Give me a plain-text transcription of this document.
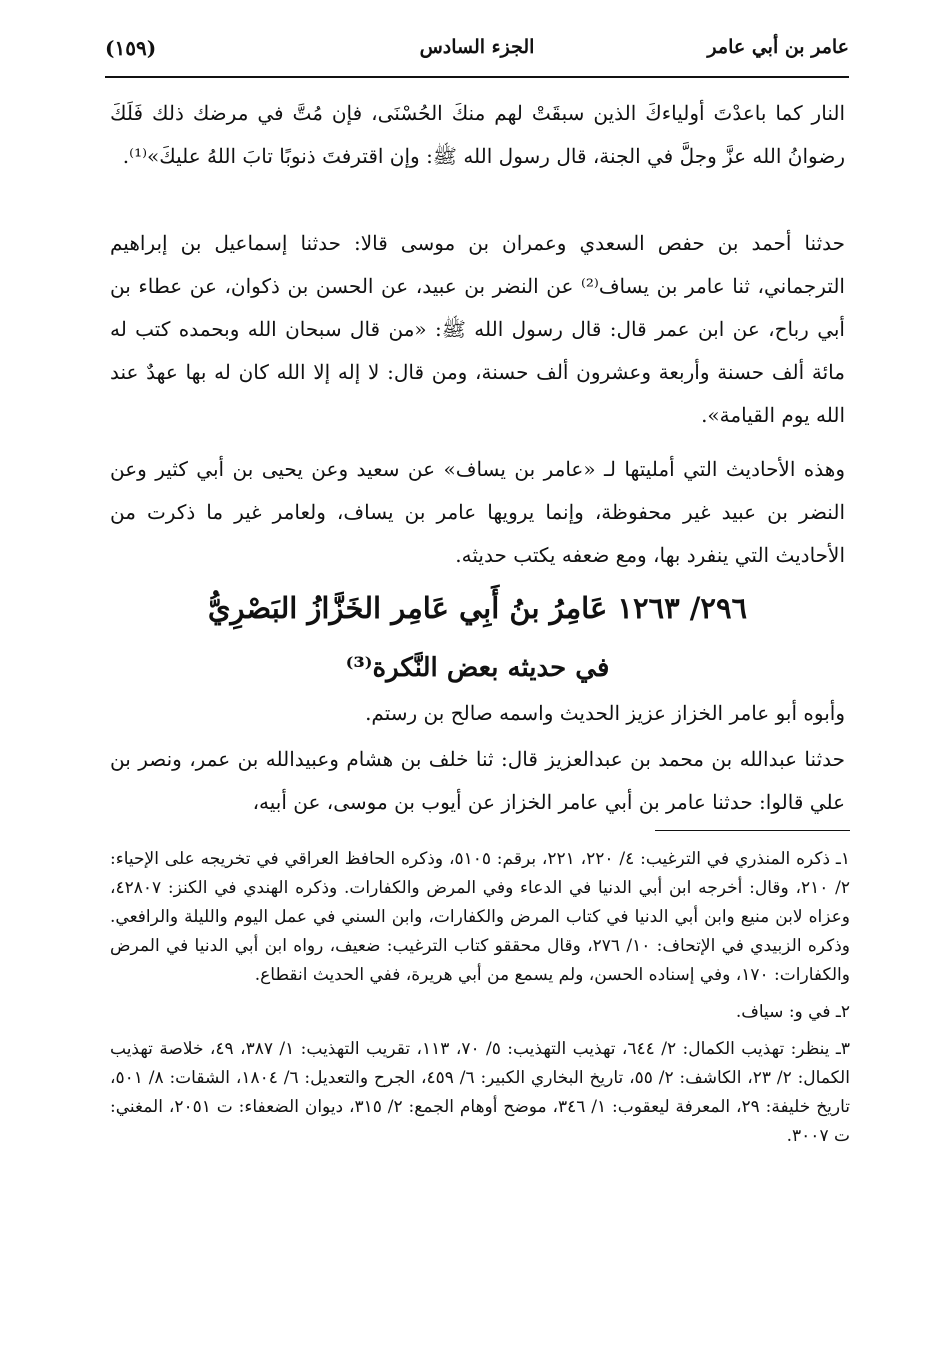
عامر بن أبي عامر
الجزء السادس
(١٥٩)
النار كما باعدْتَ أولياءكَ الذين سبقَتْ لهم منكَ الحُسْنَى، فإن مُتَّ في مرضك ذلك فَلَكَ رضوانُ الله عزَّ وجلَّ في الجنة، قال رسول الله ﷺ: وإن اقترفتَ ذنوبًا تابَ اللهُ عليكَ»⁽¹⁾.
حدثنا أحمد بن حفص السعدي وعمران بن موسى قالا: حدثنا إسماعيل بن إبراهيم الترجماني، ثنا عامر بن يساف⁽²⁾ عن النضر بن عبيد، عن الحسن بن ذكوان، عن عطاء بن أبي رباح، عن ابن عمر قال: قال رسول الله ﷺ: «من قال سبحان الله وبحمده كتب له مائة ألف حسنة وأربعة وعشرون ألف حسنة، ومن قال: لا إله إلا الله كان له بها عهدٌ عند الله يوم القيامة».
وهذه الأحاديث التي أمليتها لـ «عامر بن يساف» عن سعيد وعن يحيى بن أبي كثير وعن النضر بن عبيد غير محفوظة، وإنما يرويها عامر بن يساف، ولعامر غير ما ذكرت من الأحاديث التي ينفرد بها، ومع ضعفه يكتب حديثه.
٢٩٦/ ١٢٦٣ عَامِرُ بنُ أَبِي عَامِر الخَزَّازُ البَصْرِيُّ
في حديثه بعض النَّكرة⁽³⁾
وأبوه أبو عامر الخزاز عزيز الحديث واسمه صالح بن رستم.
حدثنا عبدالله بن محمد بن عبدالعزيز قال: ثنا خلف بن هشام وعبيدالله بن عمر، ونصر بن علي قالوا: حدثنا عامر بن أبي عامر الخزاز عن أيوب بن موسى، عن أبيه،

١ـ ذكره المنذري في الترغيب: ٤/ ٢٢٠، ٢٢١، برقم: ٥١٠٥، وذكره الحافظ العراقي في تخريجه على الإحياء: ٢/ ٢١٠، وقال: أخرجه ابن أبي الدنيا في الدعاء وفي المرض والكفارات. وذكره الهندي في الكنز: ٤٢٨٠٧، وعزاه لابن منيع وابن أبي الدنيا في كتاب المرض والكفارات، وابن السني في عمل اليوم والليلة والرافعي. وذكره الزبيدي في الإتحاف: ١٠/ ٢٧٦، وقال محققو كتاب الترغيب: ضعيف، رواه ابن أبي الدنيا في المرض والكفارات: ١٧٠، وفي إسناده الحسن، ولم يسمع من أبي هريرة، ففي الحديث انقطاع.

٢ـ في و: سياف.

٣ـ ينظر: تهذيب الكمال: ٢/ ٦٤٤، تهذيب التهذيب: ٥/ ٧٠، ١١٣، تقريب التهذيب: ١/ ٣٨٧، ٤٩، خلاصة تهذيب الكمال: ٢/ ٢٣، الكاشف: ٢/ ٥٥، تاريخ البخاري الكبير: ٦/ ٤٥٩، الجرح والتعديل: ٦/ ١٨٠٤، الشقات: ٨/ ٥٠١، تاريخ خليفة: ٢٩، المعرفة ليعقوب: ١/ ٣٤٦، موضح أوهام الجمع: ٢/ ٣١٥، ديوان الضعفاء: ت ٢٠٥١، المغني: ت ٣٠٠٧.
